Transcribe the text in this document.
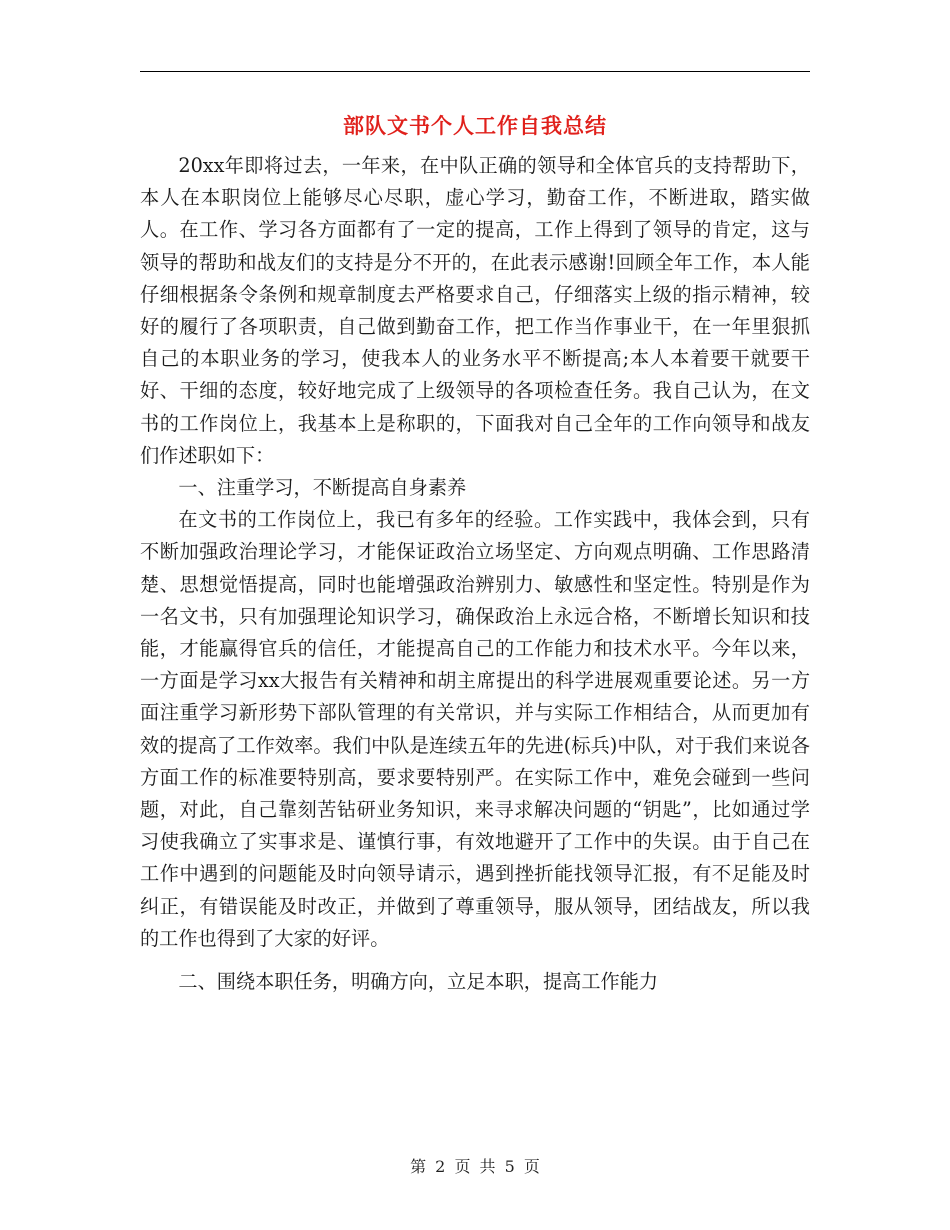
部队文书个人工作自我总结

20xx年即将过去，一年来，在中队正确的领导和全体官兵的支持帮助下，本人在本职岗位上能够尽心尽职，虚心学习，勤奋工作，不断进取，踏实做人。在工作、学习各方面都有了一定的提高，工作上得到了领导的肯定，这与领导的帮助和战友们的支持是分不开的，在此表示感谢!回顾全年工作，本人能仔细根据条令条例和规章制度去严格要求自己，仔细落实上级的指示精神，较好的履行了各项职责，自己做到勤奋工作，把工作当作事业干，在一年里狠抓自己的本职业务的学习，使我本人的业务水平不断提高;本人本着要干就要干好、干细的态度，较好地完成了上级领导的各项检查任务。我自己认为，在文书的工作岗位上，我基本上是称职的，下面我对自己全年的工作向领导和战友们作述职如下：

一、注重学习，不断提高自身素养

在文书的工作岗位上，我已有多年的经验。工作实践中，我体会到，只有不断加强政治理论学习，才能保证政治立场坚定、方向观点明确、工作思路清楚、思想觉悟提高，同时也能增强政治辨别力、敏感性和坚定性。特别是作为一名文书，只有加强理论知识学习，确保政治上永远合格，不断增长知识和技能，才能赢得官兵的信任，才能提高自己的工作能力和技术水平。今年以来，一方面是学习xx大报告有关精神和胡主席提出的科学进展观重要论述。另一方面注重学习新形势下部队管理的有关常识，并与实际工作相结合，从而更加有效的提高了工作效率。我们中队是连续五年的先进(标兵)中队，对于我们来说各方面工作的标准要特别高，要求要特别严。在实际工作中，难免会碰到一些问题，对此，自己靠刻苦钻研业务知识，来寻求解决问题的“钥匙”，比如通过学习使我确立了实事求是、谨慎行事，有效地避开了工作中的失误。由于自己在工作中遇到的问题能及时向领导请示，遇到挫折能找领导汇报，有不足能及时纠正，有错误能及时改正，并做到了尊重领导，服从领导，团结战友，所以我的工作也得到了大家的好评。

二、围绕本职任务，明确方向，立足本职，提高工作能力

第 2 页 共 5 页
